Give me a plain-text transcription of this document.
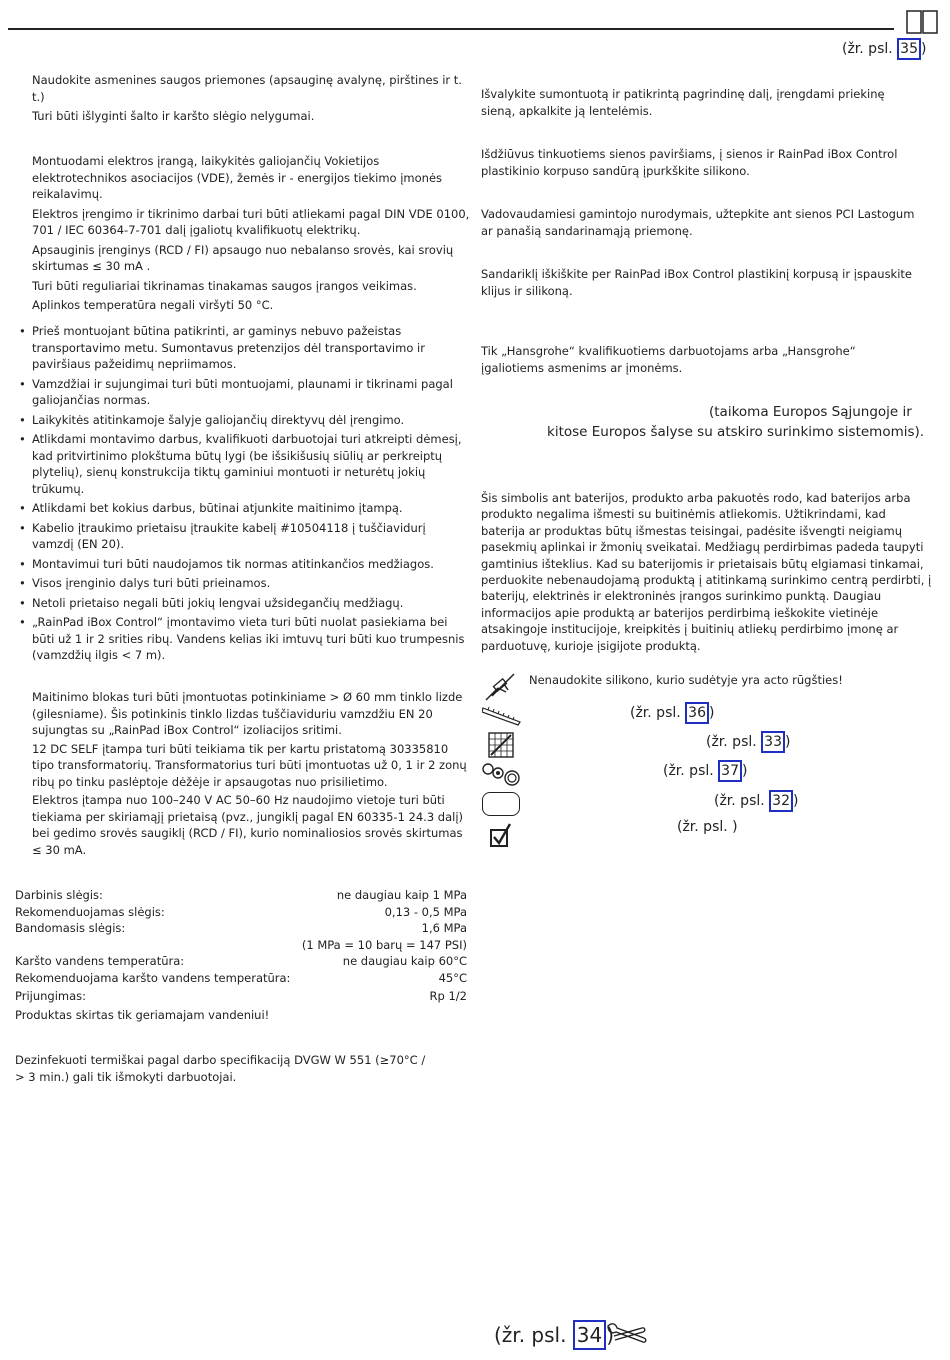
(žr. psl. 35 )

Naudokite asmenines saugos priemones (apsauginę avalynę, pirštines ir t. t.)

Turi būti išlyginti šalto ir karšto slėgio nelygumai.

Montuodami elektros įrangą, laikykitės galiojančių Vokietijos elektrotechnikos asociacijos (VDE), žemės ir - energijos tiekimo įmonės reikalavimų.

Elektros įrengimo ir tikrinimo darbai turi būti atliekami pagal DIN VDE 0100, 701 / IEC 60364-7-701 dalį įgaliotų kvalifikuotų elektrikų.

Apsauginis įrenginys (RCD / FI) apsaugo nuo nebalanso srovės, kai srovių skirtumas ≤ 30 mA .

Turi būti reguliariai tikrinamas tinakamas saugos įrangos veikimas.

Aplinkos temperatūra negali viršyti 50 °C.

• Prieš montuojant būtina patikrinti, ar gaminys nebuvo pažeistas transportavimo metu. Sumontavus pretenzijos dėl transportavimo ir paviršiaus pažeidimų nepriimamos.
• Vamzdžiai ir sujungimai turi būti montuojami, plaunami ir tikrinami pagal galiojančias normas.
• Laikykitės atitinkamoje šalyje galiojančių direktyvų dėl įrengimo.
• Atlikdami montavimo darbus, kvalifikuoti darbuotojai turi atkreipti dėmesį, kad pritvirtinimo plokštuma būtų lygi (be išsikišusių siūlių ar perkreiptų plytelių), sienų konstrukcija tiktų gaminiui montuoti ir neturėtų jokių trūkumų.
• Atlikdami bet kokius darbus, būtinai atjunkite maitinimo įtampą.
• Kabelio įtraukimo prietaisu įtraukite kabelį #10504118 į tuščiavidurį vamzdį (EN 20).
• Montavimui turi būti naudojamos tik normas atitinkančios medžiagos.
• Visos įrenginio dalys turi būti prieinamos.
• Netoli prietaiso negali būti jokių lengvai užsidegančių medžiagų.
• „RainPad iBox Control“ įmontavimo vieta turi būti nuolat pasiekiama bei būti už 1 ir 2 srities ribų. Vandens kelias iki imtuvų turi būti kuo trumpesnis (vamzdžių ilgis < 7 m).

Maitinimo blokas turi būti įmontuotas potinkiniame > Ø 60 mm tinklo lizde (gilesniame). Šis potinkinis tinklo lizdas tuščiaviduriu vamzdžiu EN 20 sujungtas su „RainPad iBox Control“ izoliacijos sritimi.

12 DC SELF įtampa turi būti teikiama tik per kartu pristatomą 30335810 tipo transformatorių. Transformatorius turi būti įmontuotas už 0, 1 ir 2 zonų ribų po tinku paslėptoje dėžėje ir apsaugotas nuo prisilietimo.

Elektros įtampa nuo 100–240 V AC 50–60 Hz naudojimo vietoje turi būti tiekiama per skiriamąjį prietaisą (pvz., jungiklį pagal EN 60335-1 24.3 dalį) bei gedimo srovės saugiklį (RCD / FI), kurio nominaliosios srovės skirtumas ≤ 30 mA.

Darbinis slėgis:	ne daugiau kaip 1 MPa
Rekomenduojamas slėgis:	0,13 - 0,5 MPa
Bandomasis slėgis:	1,6 MPa
(1 MPa = 10 barų = 147 PSI)
Karšto vandens temperatūra:	ne daugiau kaip 60°C
Rekomenduojama karšto vandens temperatūra:	45°C
Prijungimas:	Rp 1/2
Produktas skirtas tik geriamajam vandeniui!
Dezinfekuoti termiškai pagal darbo specifikaciją DVGW W 551 (≥70°C / > 3 min.) gali tik išmokyti darbuotojai.
Išvalykite sumontuotą ir patikrintą pagrindinę dalį, įrengdami priekinę sieną, apkalkite ją lentelėmis.
Išdžiūvus tinkuotiems sienos paviršiams, į sienos ir RainPad iBox Control plastikinio korpuso sandūrą įpurkškite silikono.
Vadovaudamiesi gamintojo nurodymais, užtepkite ant sienos PCI Lastogum ar panašią sandarinamąją priemonę.
Sandariklį iškiškite per RainPad iBox Control plastikinį korpusą ir įspauskite klijus ir silikoną.
Tik „Hansgrohe“ kvalifikuotiems darbuotojams arba „Hansgrohe“ įgaliotiems asmenims ar įmonėms.
(taikoma Europos Sąjungoje ir
kitose Europos šalyse su atskiro surinkimo sistemomis).
Šis simbolis ant baterijos, produkto arba pakuotės rodo, kad baterijos arba produkto negalima išmesti su buitinėmis atliekomis. Užtikrindami, kad baterija ar produktas būtų išmestas teisingai, padėsite išvengti neigiamų pasekmių aplinkai ir žmonių sveikatai. Medžiagų perdirbimas padeda taupyti gamtinius išteklius. Kad su baterijomis ir prietaisais būtų elgiamasi tinkamai, perduokite nebenaudojamą produktą į atitinkamą surinkimo centrą perdirbti, į baterijų, elektrinės ir elektroninės įrangos surinkimo punktą. Daugiau informacijos apie produktą ar baterijos perdirbimą ieškokite vietinėje atsakingoje institucijoje, kreipkitės į buitinių atliekų perdirbimo įmonę ar parduotuvę, kurioje įsigijote produktą.
Nenaudokite silikono, kurio sudėtyje yra acto rūgšties!
(žr. psl. 36 )
(žr. psl. 33 )
(žr. psl. 37 )
(žr. psl. 32 )
(žr. psl. )
(žr. psl. 34 )
